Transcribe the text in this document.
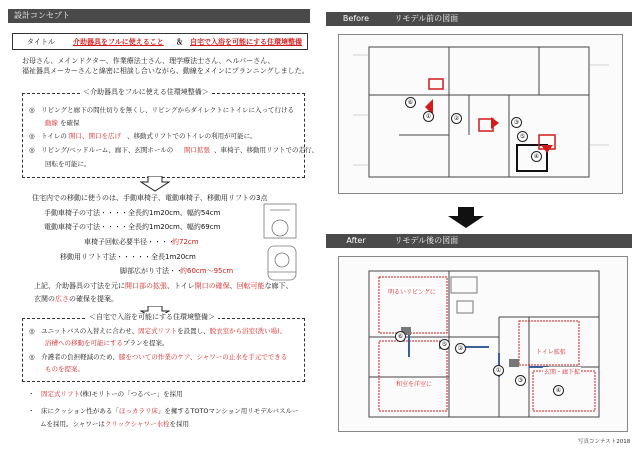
設計コンセプト
タイトル	介助器具をフルに使えること ＆ 自宅で入浴を可能にする住環境整備
お母さん、メインドクター、作業療法士さん、理学療法士さん、ヘルパーさん、
福祉器具メーカーさんと綿密に相談し合いながら、動線をメインにプランニングしました。
◎　リビングと廊下の間仕切りを無くし、リビングからダイレクトにトイレに入って行ける
動線 を確保
◎　トイレの 開口、開口を広げ 、移動式リフトでのトイレの利用が可能に。
◎　リビング/ベッドルーム、廊下、玄関ホールの 開口拡張 、車椅子、移動用リフトでの走行、
回転を可能に。
＜介助器具をフルに使える住環境整備＞
住宅内での移動に使うのは、手動車椅子、電動車椅子、移動用リフトの3点
手動車椅子の寸法・・・・全長約1m20cm、幅約54cm
電動車椅子の寸法・・・・全長約1m20cm、幅約69cm
車椅子回転必要半径・・・・
約72cm
移動用リフト寸法・・・・・全長1m20cm
脚部広がり寸法・・
約60cm～95cm
上記、介助器具の寸法を元に開口部の拡張、トイレ開口の確保、回転可能な廊下、
玄関の広さの確保を提案。
◎　ユニットバスの入替えに合わせ、固定式リフトを設置し、脱衣室から浴室(洗い場)、
浴槽への移動を可能にするプランを提案。
◎　介護者の負担軽減のため、膝をついての作業のケア、シャワーの止水を手元でできる
ものを提案。
＜自宅で入浴を可能にする住環境整備＞
・　固定式リフト(株)モリトーの「つるべー」を採用
・　床にクッション性がある「ほっカラリ床」を擁するTOTOマンション用リモデルバスルー
ムを採用。シャワーはクリックシャワー水栓を採用
Before	リモデル前の図面
⑥
①	②
③
④
⑤
After	リモデル後の図面
明るいリビングに
トイレ拡張
玄関・廊下拡
和室を洋室に
⑥
⑤
②
①
③
④
写真コンテスト2018
